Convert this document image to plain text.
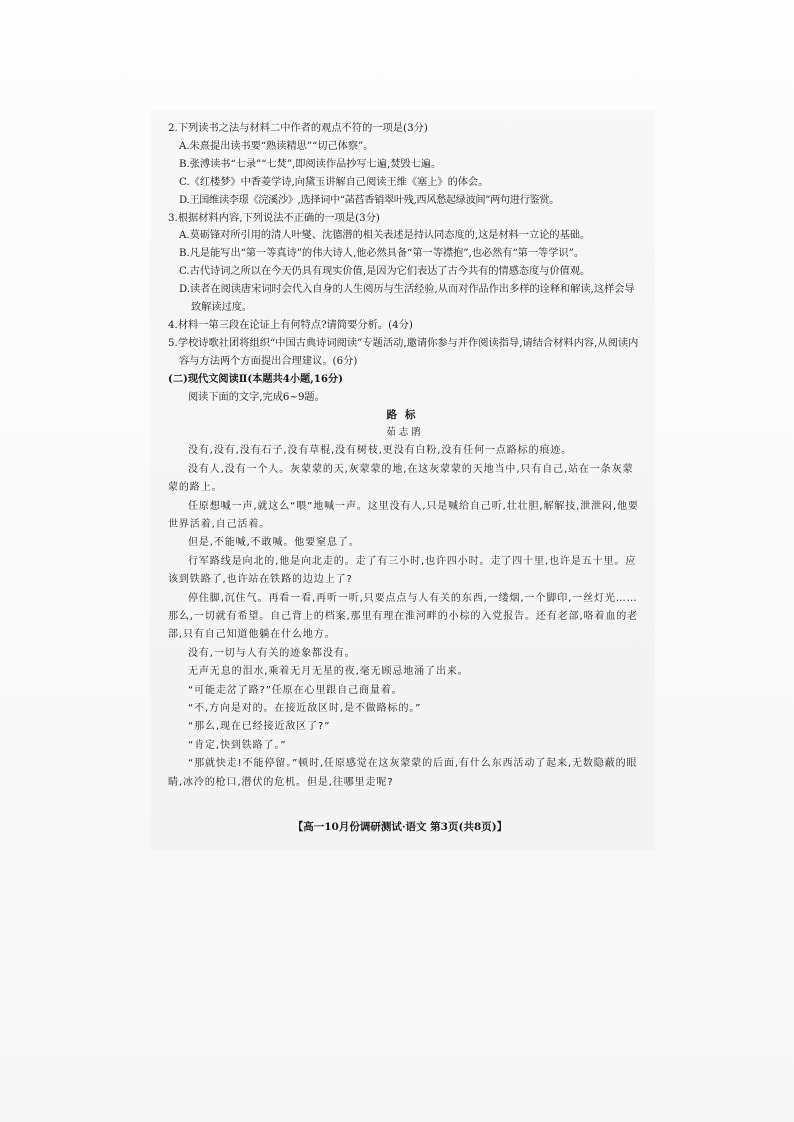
2.下列读书之法与材料二中作者的观点不符的一项是(3分)

A.朱熹提出读书要“熟读精思”“切己体察”。

B.张溥读书“七录”“七焚”,即阅读作品抄写七遍,焚毁七遍。

C.《红楼梦》中香菱学诗,向黛玉讲解自己阅读王维《塞上》的体会。

D.王国维读李璟《浣溪沙》,选择词中“菡萏香销翠叶残,西风愁起绿波间”两句进行鉴赏。

3.根据材料内容,下列说法不正确的一项是(3分)

A.莫砺锋对所引用的清人叶燮、沈德潜的相关表述是持认同态度的,这是材料一立论的基础。

B.凡是能写出“第一等真诗”的伟大诗人,他必然具备“第一等襟抱”,也必然有“第一等学识”。

C.古代诗词之所以在今天仍具有现实价值,是因为它们表达了古今共有的情感态度与价值观。

D.读者在阅读唐宋词时会代入自身的人生阅历与生活经验,从而对作品作出多样的诠释和解读,这样会导致解读过度。

4.材料一第三段在论证上有何特点?请简要分析。(4分)

5.学校诗歌社团将组织“中国古典诗词阅读”专题活动,邀请你参与并作阅读指导,请结合材料内容,从阅读内容与方法两个方面提出合理建议。(6分)

(二)现代文阅读Ⅱ(本题共4小题,16分)

阅读下面的文字,完成6~9题。

路标

茹志鹃

没有,没有,没有石子,没有草棍,没有树枝,更没有白粉,没有任何一点路标的痕迹。

没有人,没有一个人。灰蒙蒙的天,灰蒙蒙的地,在这灰蒙蒙的天地当中,只有自己,站在一条灰蒙蒙的路上。

任原想喊一声,就这么“喂”地喊一声。这里没有人,只是喊给自己听,壮壮胆,解解技,泄泄闷,他要世界活着,自己活着。

但是,不能喊,不敢喊。他要窒息了。

行军路线是向北的,他是向北走的。走了有三小时,也许四小时。走了四十里,也许是五十里。应该到铁路了,也许站在铁路的边边上了?

停住脚,沉住气。再看一看,再听一听,只要点点与人有关的东西,一缕烟,一个脚印,一丝灯光……那么,一切就有希望。自己背上的档案,那里有理在淮河畔的小棕的入党报告。还有老部,咯着血的老部,只有自己知道他躺在什么地方。

没有,一切与人有关的迹象都没有。

无声无息的泪水,乘着无月无星的夜,毫无顾忌地涌了出来。

“可能走岔了路?”任原在心里跟自己商量着。

“不,方向是对的。在接近敌区时,是不做路标的。”

“那么,现在已经接近敌区了?”

“肯定,快到铁路了。”

“那就快走!不能停留。”顿时,任原感觉在这灰蒙蒙的后面,有什么东西活动了起来,无数隐蔽的眼睛,冰冷的枪口,潜伏的危机。但是,往哪里走呢?

【高一10月份调研测试·语文 第3页(共8页)】
